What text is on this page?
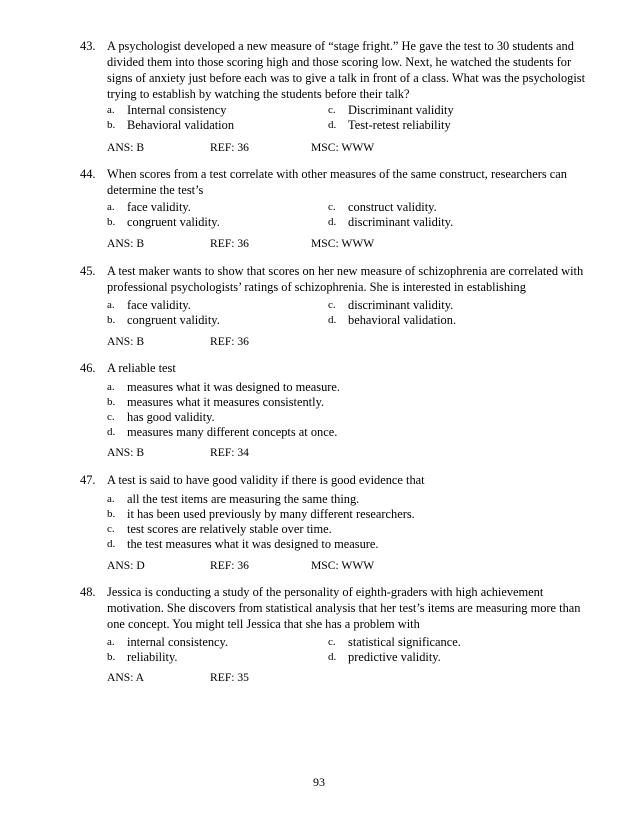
43. A psychologist developed a new measure of “stage fright.” He gave the test to 30 students and divided them into those scoring high and those scoring low. Next, he watched the students for signs of anxiety just before each was to give a talk in front of a class. What was the psychologist trying to establish by watching the students before their talk?
a. Internal consistency
b. Behavioral validation
c. Discriminant validity
d. Test-retest reliability
ANS: B	REF: 36	MSC: WWW
44. When scores from a test correlate with other measures of the same construct, researchers can determine the test’s
a. face validity.
b. congruent validity.
c. construct validity.
d. discriminant validity.
ANS: B	REF: 36	MSC: WWW
45. A test maker wants to show that scores on her new measure of schizophrenia are correlated with professional psychologists’ ratings of schizophrenia. She is interested in establishing
a. face validity.
b. congruent validity.
c. discriminant validity.
d. behavioral validation.
ANS: B	REF: 36
46. A reliable test
a. measures what it was designed to measure.
b. measures what it measures consistently.
c. has good validity.
d. measures many different concepts at once.
ANS: B	REF: 34
47. A test is said to have good validity if there is good evidence that
a. all the test items are measuring the same thing.
b. it has been used previously by many different researchers.
c. test scores are relatively stable over time.
d. the test measures what it was designed to measure.
ANS: D	REF: 36	MSC: WWW
48. Jessica is conducting a study of the personality of eighth-graders with high achievement motivation. She discovers from statistical analysis that her test’s items are measuring more than one concept. You might tell Jessica that she has a problem with
a. internal consistency.
b. reliability.
c. statistical significance.
d. predictive validity.
ANS: A	REF: 35
93
